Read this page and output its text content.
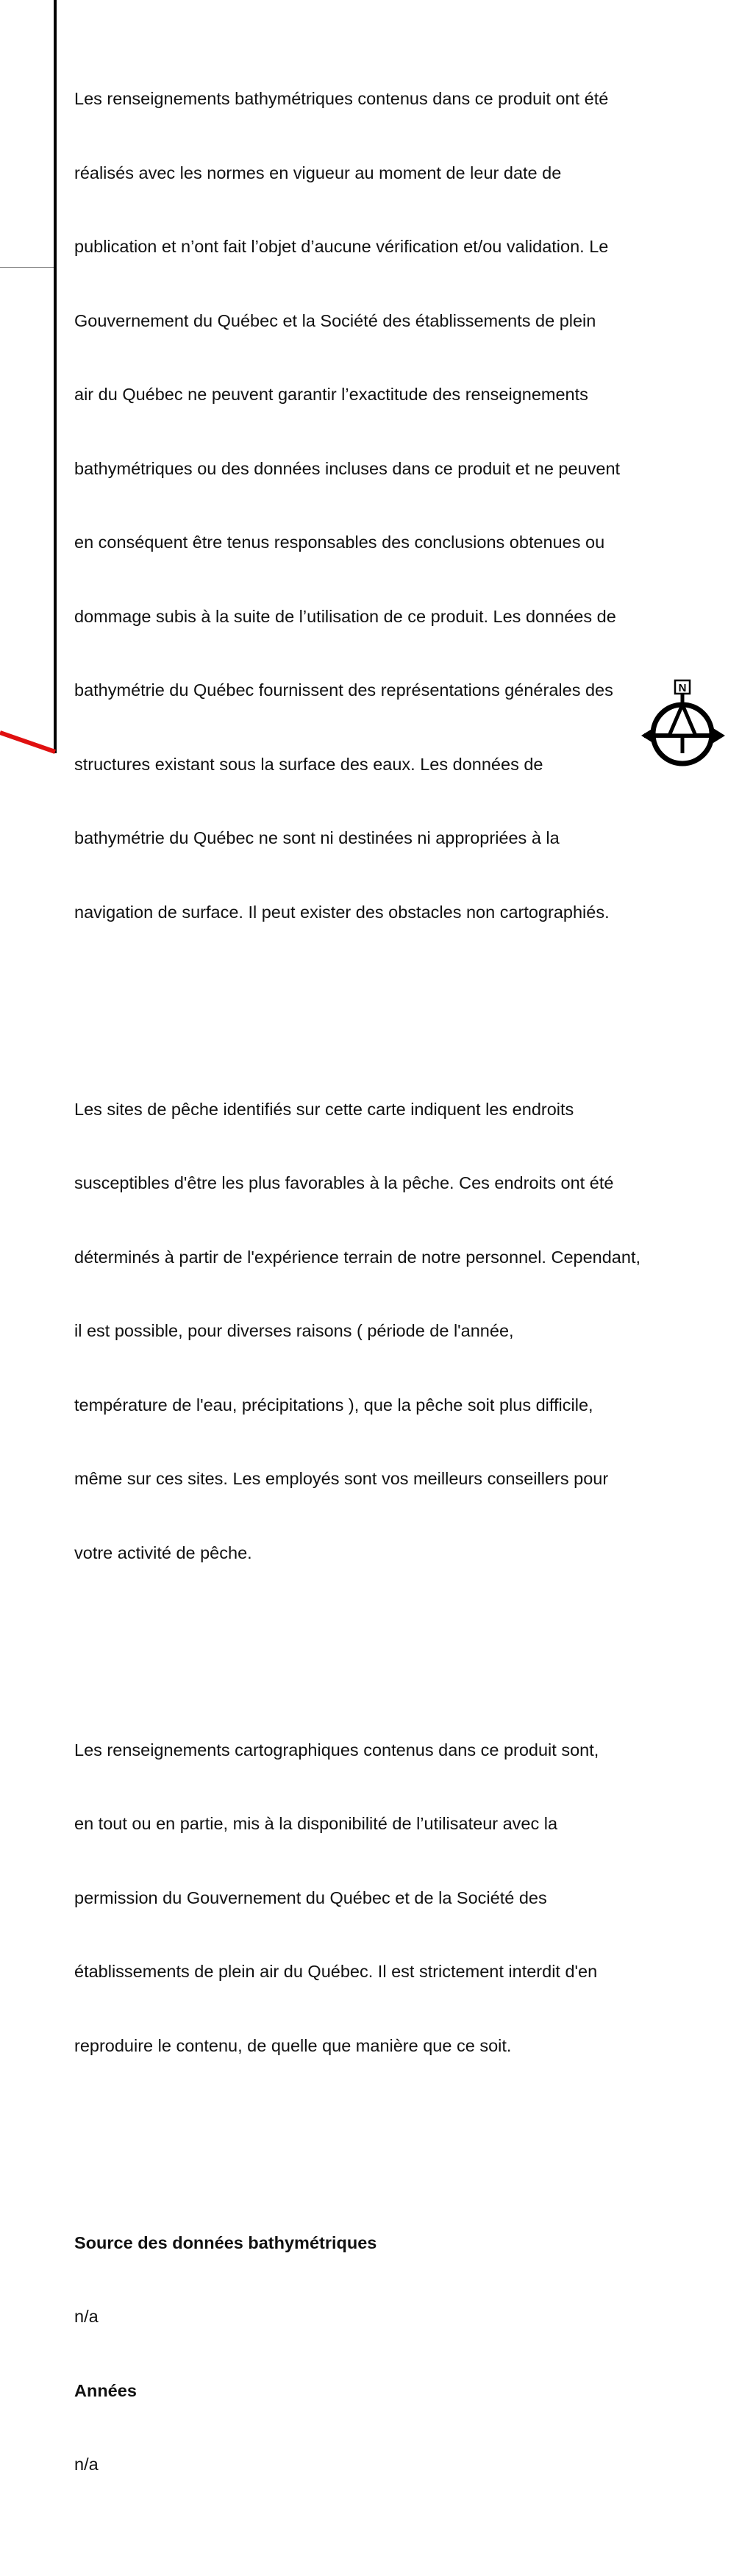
Les renseignements bathymétriques contenus dans ce produit ont été

réalisés avec les normes en vigueur au moment de leur date de

publication et n’ont fait l’objet d’aucune vérification et/ou validation. Le

Gouvernement du Québec et la Société des établissements de plein

air du Québec ne peuvent garantir l’exactitude des renseignements

bathymétriques ou des données incluses dans ce produit et ne peuvent

en conséquent être tenus responsables des conclusions obtenues ou

dommage subis à la suite de l’utilisation de ce produit. Les données de

bathymétrie du Québec fournissent des représentations générales des

structures existant sous la surface des eaux. Les données de

bathymétrie du Québec ne sont ni destinées ni appropriées à la

navigation de surface. Il peut exister des obstacles non cartographiés.

Les sites de pêche identifiés sur cette carte indiquent les endroits

susceptibles d'être les plus favorables à la pêche. Ces endroits ont été

déterminés à partir de l'expérience terrain de notre personnel. Cependant,

il est possible, pour diverses raisons ( période de l'année,

température de l'eau, précipitations ), que la pêche soit plus difficile,

même sur ces sites. Les employés sont vos meilleurs conseillers pour

votre activité de pêche.

Les renseignements cartographiques contenus dans ce produit sont,

en tout ou en partie, mis à la disponibilité de l’utilisateur avec la

permission du Gouvernement du Québec et de la Société des

établissements de plein air du Québec. Il est strictement interdit d'en

reproduire le contenu, de quelle que manière que ce soit.

Source des données bathymétriques

n/a

Années

n/a

N
